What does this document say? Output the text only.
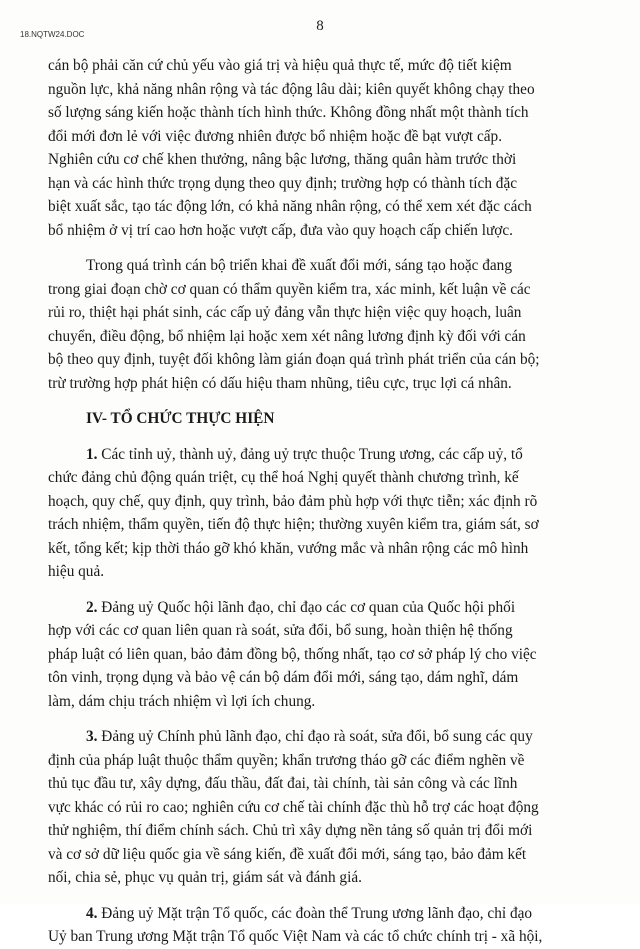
18.NQTW24.DOC
8
cán bộ phải căn cứ chủ yếu vào giá trị và hiệu quả thực tế, mức độ tiết kiệm
nguồn lực, khả năng nhân rộng và tác động lâu dài; kiên quyết không chạy theo
số lượng sáng kiến hoặc thành tích hình thức. Không đồng nhất một thành tích
đổi mới đơn lẻ với việc đương nhiên được bổ nhiệm hoặc đề bạt vượt cấp.
Nghiên cứu cơ chế khen thưởng, nâng bậc lương, thăng quân hàm trước thời
hạn và các hình thức trọng dụng theo quy định; trường hợp có thành tích đặc
biệt xuất sắc, tạo tác động lớn, có khả năng nhân rộng, có thể xem xét đặc cách
bổ nhiệm ở vị trí cao hơn hoặc vượt cấp, đưa vào quy hoạch cấp chiến lược.
Trong quá trình cán bộ triển khai đề xuất đổi mới, sáng tạo hoặc đang
trong giai đoạn chờ cơ quan có thẩm quyền kiểm tra, xác minh, kết luận về các
rủi ro, thiệt hại phát sinh, các cấp uỷ đảng vẫn thực hiện việc quy hoạch, luân
chuyển, điều động, bổ nhiệm lại hoặc xem xét nâng lương định kỳ đối với cán
bộ theo quy định, tuyệt đối không làm gián đoạn quá trình phát triển của cán bộ;
trừ trường hợp phát hiện có dấu hiệu tham nhũng, tiêu cực, trục lợi cá nhân.
IV- TỔ CHỨC THỰC HIỆN
1. Các tỉnh uỷ, thành uỷ, đảng uỷ trực thuộc Trung ương, các cấp uỷ, tổ
chức đảng chủ động quán triệt, cụ thể hoá Nghị quyết thành chương trình, kế
hoạch, quy chế, quy định, quy trình, bảo đảm phù hợp với thực tiễn; xác định rõ
trách nhiệm, thẩm quyền, tiến độ thực hiện; thường xuyên kiểm tra, giám sát, sơ
kết, tổng kết; kịp thời tháo gỡ khó khăn, vướng mắc và nhân rộng các mô hình
hiệu quả.
2. Đảng uỷ Quốc hội lãnh đạo, chỉ đạo các cơ quan của Quốc hội phối
hợp với các cơ quan liên quan rà soát, sửa đổi, bổ sung, hoàn thiện hệ thống
pháp luật có liên quan, bảo đảm đồng bộ, thống nhất, tạo cơ sở pháp lý cho việc
tôn vinh, trọng dụng và bảo vệ cán bộ dám đổi mới, sáng tạo, dám nghĩ, dám
làm, dám chịu trách nhiệm vì lợi ích chung.
3. Đảng uỷ Chính phủ lãnh đạo, chỉ đạo rà soát, sửa đổi, bổ sung các quy
định của pháp luật thuộc thẩm quyền; khẩn trương tháo gỡ các điểm nghẽn về
thủ tục đầu tư, xây dựng, đấu thầu, đất đai, tài chính, tài sản công và các lĩnh
vực khác có rủi ro cao; nghiên cứu cơ chế tài chính đặc thù hỗ trợ các hoạt động
thử nghiệm, thí điểm chính sách. Chủ trì xây dựng nền tảng số quản trị đổi mới
và cơ sở dữ liệu quốc gia về sáng kiến, đề xuất đổi mới, sáng tạo, bảo đảm kết
nối, chia sẻ, phục vụ quản trị, giám sát và đánh giá.
4. Đảng uỷ Mặt trận Tổ quốc, các đoàn thể Trung ương lãnh đạo, chỉ đạo
Uỷ ban Trung ương Mặt trận Tổ quốc Việt Nam và các tổ chức chính trị - xã hội,
